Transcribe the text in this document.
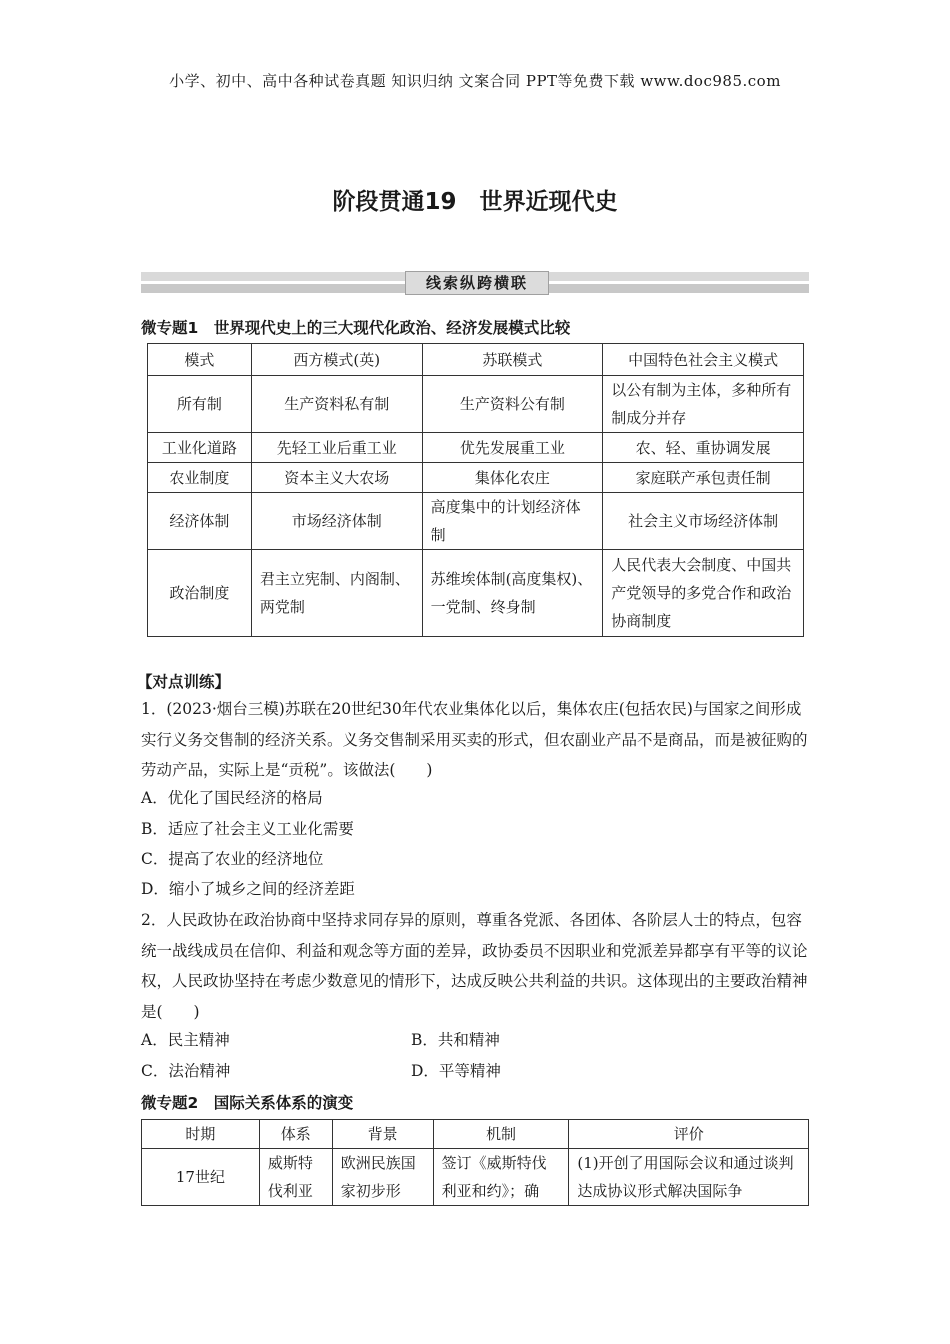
小学、初中、高中各种试卷真题 知识归纳 文案合同 PPT等免费下载 www.doc985.com
阶段贯通19　世界近现代史
线索纵跨横联
微专题1　世界现代史上的三大现代化政治、经济发展模式比较
模式	西方模式(英)	苏联模式	中国特色社会主义模式
所有制	生产资料私有制	生产资料公有制	以公有制为主体，多种所有制成分并存
工业化道路	先轻工业后重工业	优先发展重工业	农、轻、重协调发展
农业制度	资本主义大农场	集体化农庄	家庭联产承包责任制
经济体制	市场经济体制	高度集中的计划经济体制	社会主义市场经济体制
政治制度	君主立宪制、内阁制、两党制	苏维埃体制(高度集权)、一党制、终身制	人民代表大会制度、中国共产党领导的多党合作和政治协商制度
【对点训练】
1．(2023·烟台三模)苏联在20世纪30年代农业集体化以后，集体农庄(包括农民)与国家之间形成实行义务交售制的经济关系。义务交售制采用买卖的形式，但农副业产品不是商品，而是被征购的劳动产品，实际上是“贡税”。该做法(　　)
A．优化了国民经济的格局
B．适应了社会主义工业化需要
C．提高了农业的经济地位
D．缩小了城乡之间的经济差距
2．人民政协在政治协商中坚持求同存异的原则，尊重各党派、各团体、各阶层人士的特点，包容统一战线成员在信仰、利益和观念等方面的差异，政协委员不因职业和党派差异都享有平等的议论权，人民政协坚持在考虑少数意见的情形下，达成反映公共利益的共识。这体现出的主要政治精神是(　　)
A．民主精神	B．共和精神
C．法治精神	D．平等精神
微专题2　国际关系体系的演变
时期	体系	背景	机制	评价
17世纪	威斯特伐利亚	欧洲民族国家初步形	签订《威斯特伐利亚和约》；确	(1)开创了用国际会议和通过谈判达成协议形式解决国际争
